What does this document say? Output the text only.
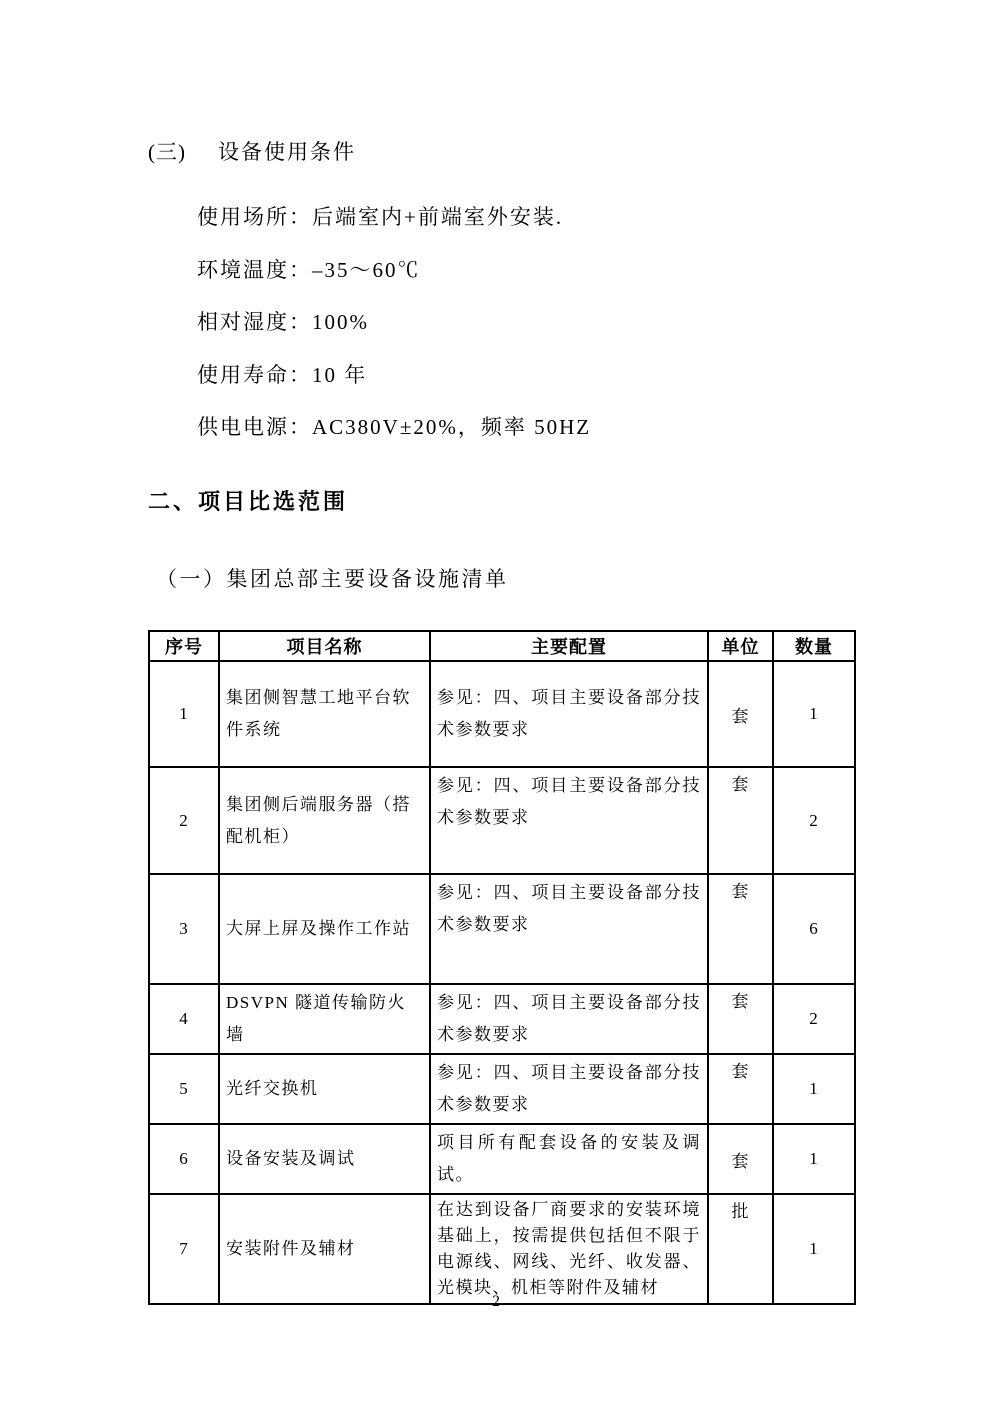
(三) 设备使用条件

使用场所：后端室内+前端室外安装.

环境温度：–35～60℃

相对湿度：100%

使用寿命：10 年

供电电源：AC380V±20%，频率 50HZ

二、项目比选范围
（一）集团总部主要设备设施清单
序号	项目名称	主要配置	单位	数量
1	集团侧智慧工地平台软件系统	参见：四、项目主要设备部分技术参数要求	套	1
2	集团侧后端服务器（搭配机柜）	参见：四、项目主要设备部分技术参数要求	套	2
3	大屏上屏及操作工作站	参见：四、项目主要设备部分技术参数要求	套	6
4	DSVPN 隧道传输防火墙	参见：四、项目主要设备部分技术参数要求	套	2
5	光纤交换机	参见：四、项目主要设备部分技术参数要求	套	1
6	设备安装及调试	项目所有配套设备的安装及调试。	套	1
7	安装附件及辅材	在达到设备厂商要求的安装环境基础上，按需提供包括但不限于电源线、网线、光纤、收发器、光模块、机柜等附件及辅材	批	1
2
